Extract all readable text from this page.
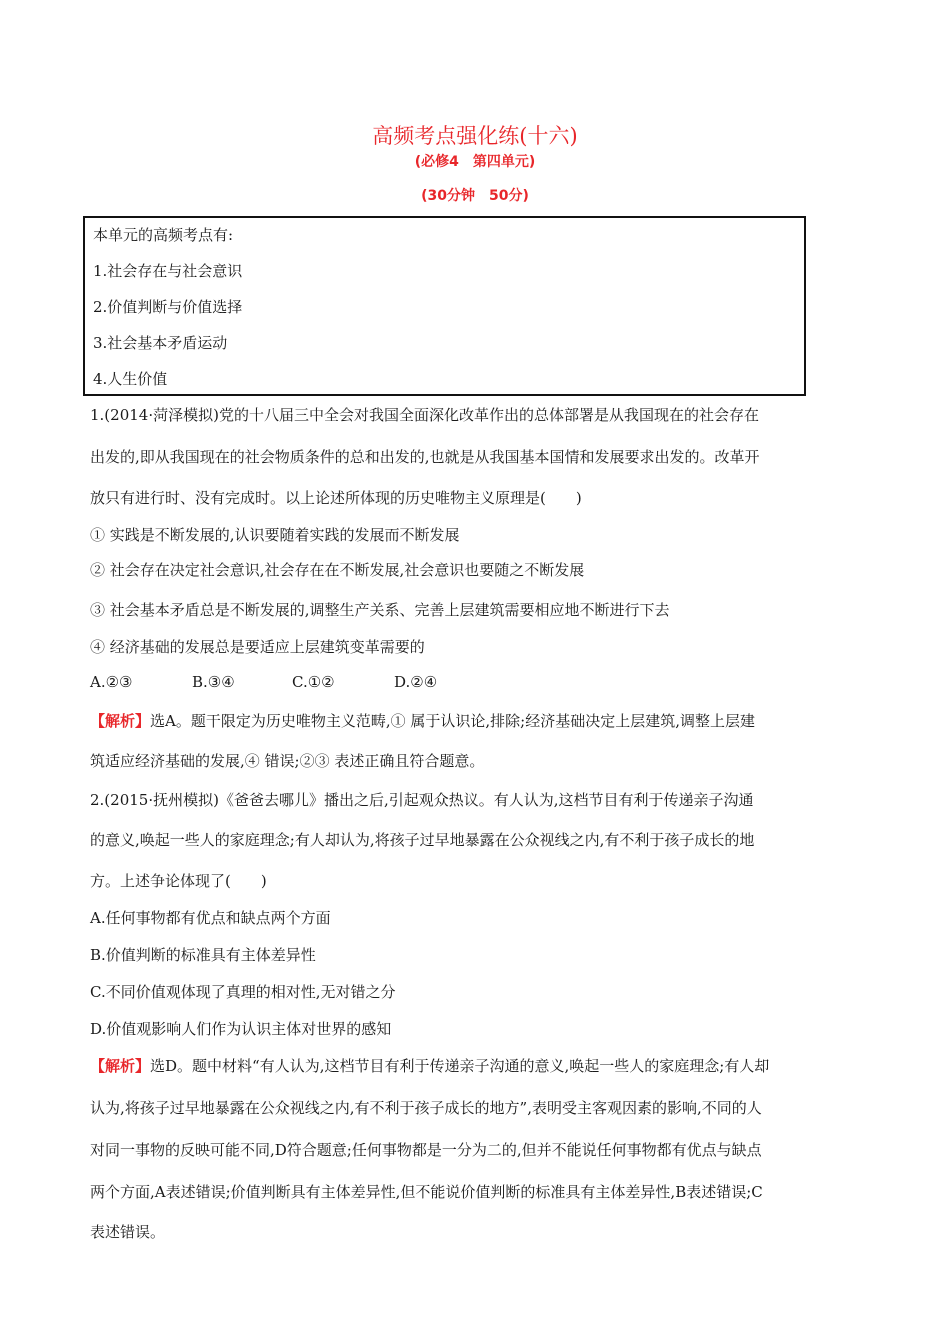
高频考点强化练(十六)
(必修4　第四单元)
(30分钟　50分)
本单元的高频考点有:
1.社会存在与社会意识
2.价值判断与价值选择
3.社会基本矛盾运动
4.人生价值
1.(2014·菏泽模拟)党的十八届三中全会对我国全面深化改革作出的总体部署是从我国现在的社会存在
出发的,即从我国现在的社会物质条件的总和出发的,也就是从我国基本国情和发展要求出发的。改革开
放只有进行时、没有完成时。以上论述所体现的历史唯物主义原理是(　　)
① 实践是不断发展的,认识要随着实践的发展而不断发展
② 社会存在决定社会意识,社会存在在不断发展,社会意识也要随之不断发展
③ 社会基本矛盾总是不断发展的,调整生产关系、完善上层建筑需要相应地不断进行下去
④ 经济基础的发展总是要适应上层建筑变革需要的
A.②③	B.③④	C.①②	D.②④
【解析】选A。题干限定为历史唯物主义范畴,① 属于认识论,排除;经济基础决定上层建筑,调整上层建
筑适应经济基础的发展,④ 错误;②③ 表述正确且符合题意。
2.(2015·抚州模拟)《爸爸去哪儿》播出之后,引起观众热议。有人认为,这档节目有利于传递亲子沟通
的意义,唤起一些人的家庭理念;有人却认为,将孩子过早地暴露在公众视线之内,有不利于孩子成长的地
方。上述争论体现了(　　)
A.任何事物都有优点和缺点两个方面
B.价值判断的标准具有主体差异性
C.不同价值观体现了真理的相对性,无对错之分
D.价值观影响人们作为认识主体对世界的感知
【解析】选D。题中材料“有人认为,这档节目有利于传递亲子沟通的意义,唤起一些人的家庭理念;有人却
认为,将孩子过早地暴露在公众视线之内,有不利于孩子成长的地方”,表明受主客观因素的影响,不同的人
对同一事物的反映可能不同,D符合题意;任何事物都是一分为二的,但并不能说任何事物都有优点与缺点
两个方面,A表述错误;价值判断具有主体差异性,但不能说价值判断的标准具有主体差异性,B表述错误;C
表述错误。
